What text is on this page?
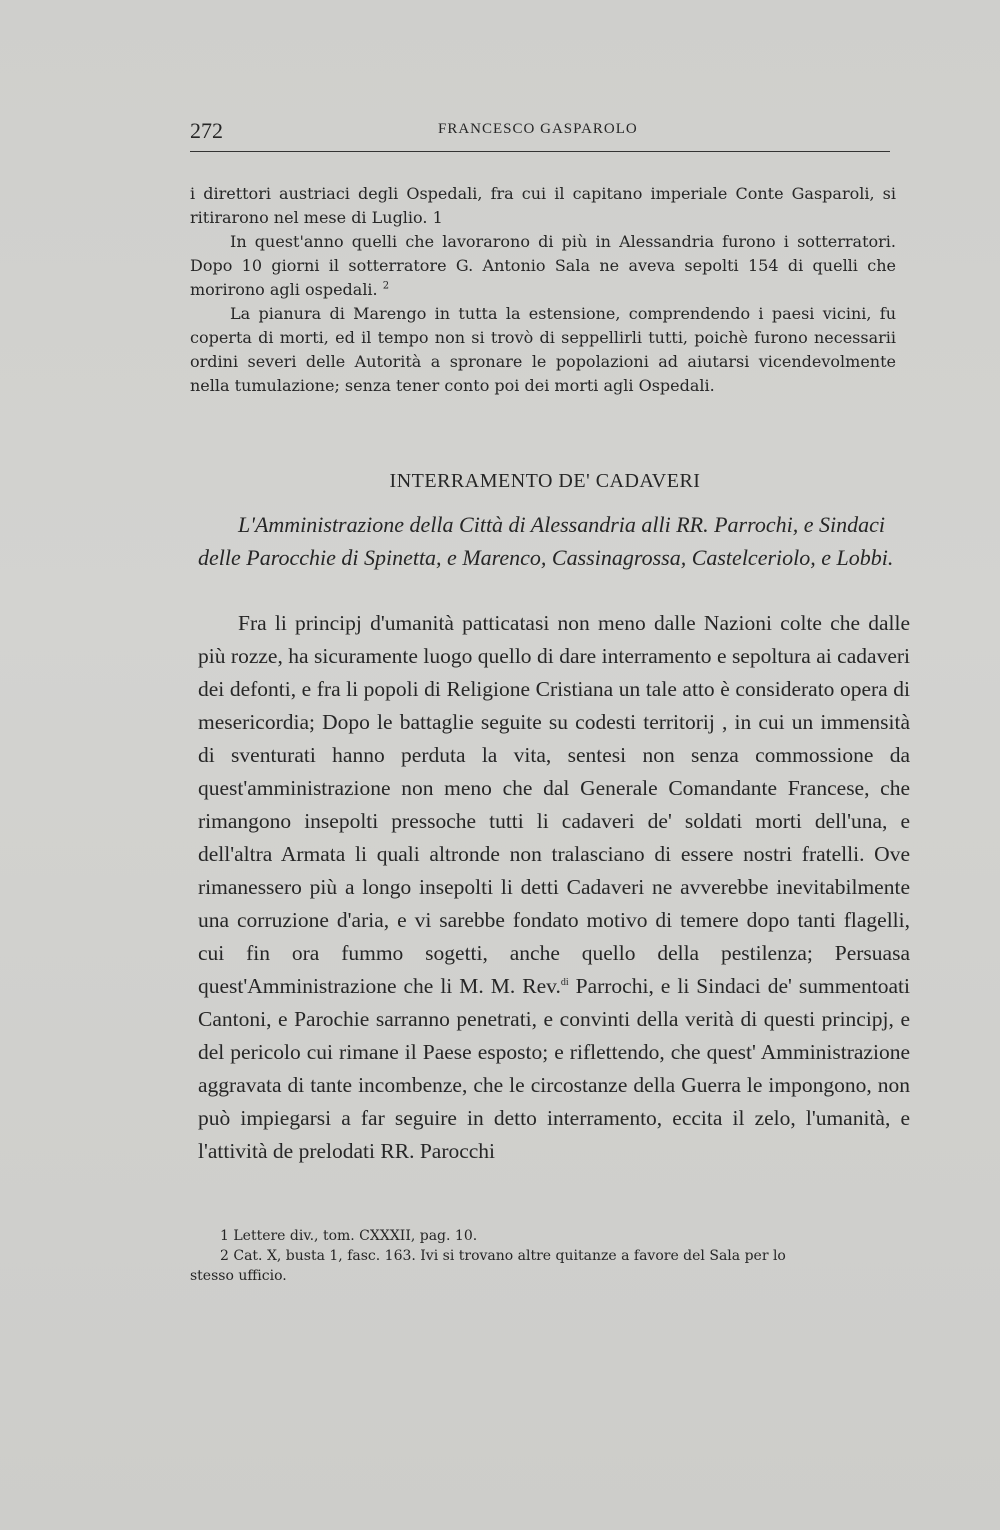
272	FRANCESCO GASPAROLO

i direttori austriaci degli Ospedali, fra cui il capitano imperiale Conte Gasparoli, si ritirarono nel mese di Luglio. 1

In quest'anno quelli che lavorarono di più in Alessandria furono i sotterratori. Dopo 10 giorni il sotterratore G. Antonio Sala ne aveva sepolti 154 di quelli che morirono agli ospedali. $^2$

La pianura di Marengo in tutta la estensione, comprendendo i paesi vicini, fu coperta di morti, ed il tempo non si trovò di seppellirli tutti, poichè furono necessarii ordini severi delle Autorità a spronare le popolazioni ad aiutarsi vicendevolmente nella tumulazione; senza tener conto poi dei morti agli Ospedali.

INTERRAMENTO DE' CADAVERI

L'Amministrazione della Città di Alessandria alli RR. Parrochi, e Sindaci delle Parocchie di Spinetta, e Marenco, Cassinagrossa, Castelceriolo, e Lobbi.

Fra li principj d'umanità patticatasi non meno dalle Nazioni colte che dalle più rozze, ha sicuramente luogo quello di dare interramento e sepoltura ai cadaveri dei defonti, e fra li popoli di Religione Cristiana un tale atto è considerato opera di mesericordia; Dopo le battaglie seguite su codesti territorij , in cui un immensità di sventurati hanno perduta la vita, sentesi non senza commossione da quest'amministrazione non meno che dal Generale Comandante Francese, che rimangono insepolti pressoche tutti li cadaveri de' soldati morti dell'una, e dell'altra Armata li quali altronde non tralasciano di essere nostri fratelli. Ove rimanessero più a longo insepolti li detti Cadaveri ne avverebbe inevitabilmente una corruzione d'aria, e vi sarebbe fondato motivo di temere dopo tanti flagelli, cui fin ora fummo sogetti, anche quello della pestilenza; Persuasa quest'Amministrazione che li M. M. Rev.$^{di}$ Parrochi, e li Sindaci de' summentoati Cantoni, e Parochie sarranno penetrati, e convinti della verità di questi principj, e del pericolo cui rimane il Paese esposto; e riflettendo, che quest' Amministrazione aggravata di tante incombenze, che le circostanze della Guerra le impongono, non può impiegarsi a far seguire in detto interramento, eccita il zelo, l'umanità, e l'attività de prelodati RR. Parocchi

1 Lettere div., tom. CXXXII, pag. 10.

2 Cat. X, busta 1, fasc. 163. Ivi si trovano altre quitanze a favore del Sala per lo

stesso ufficio.
